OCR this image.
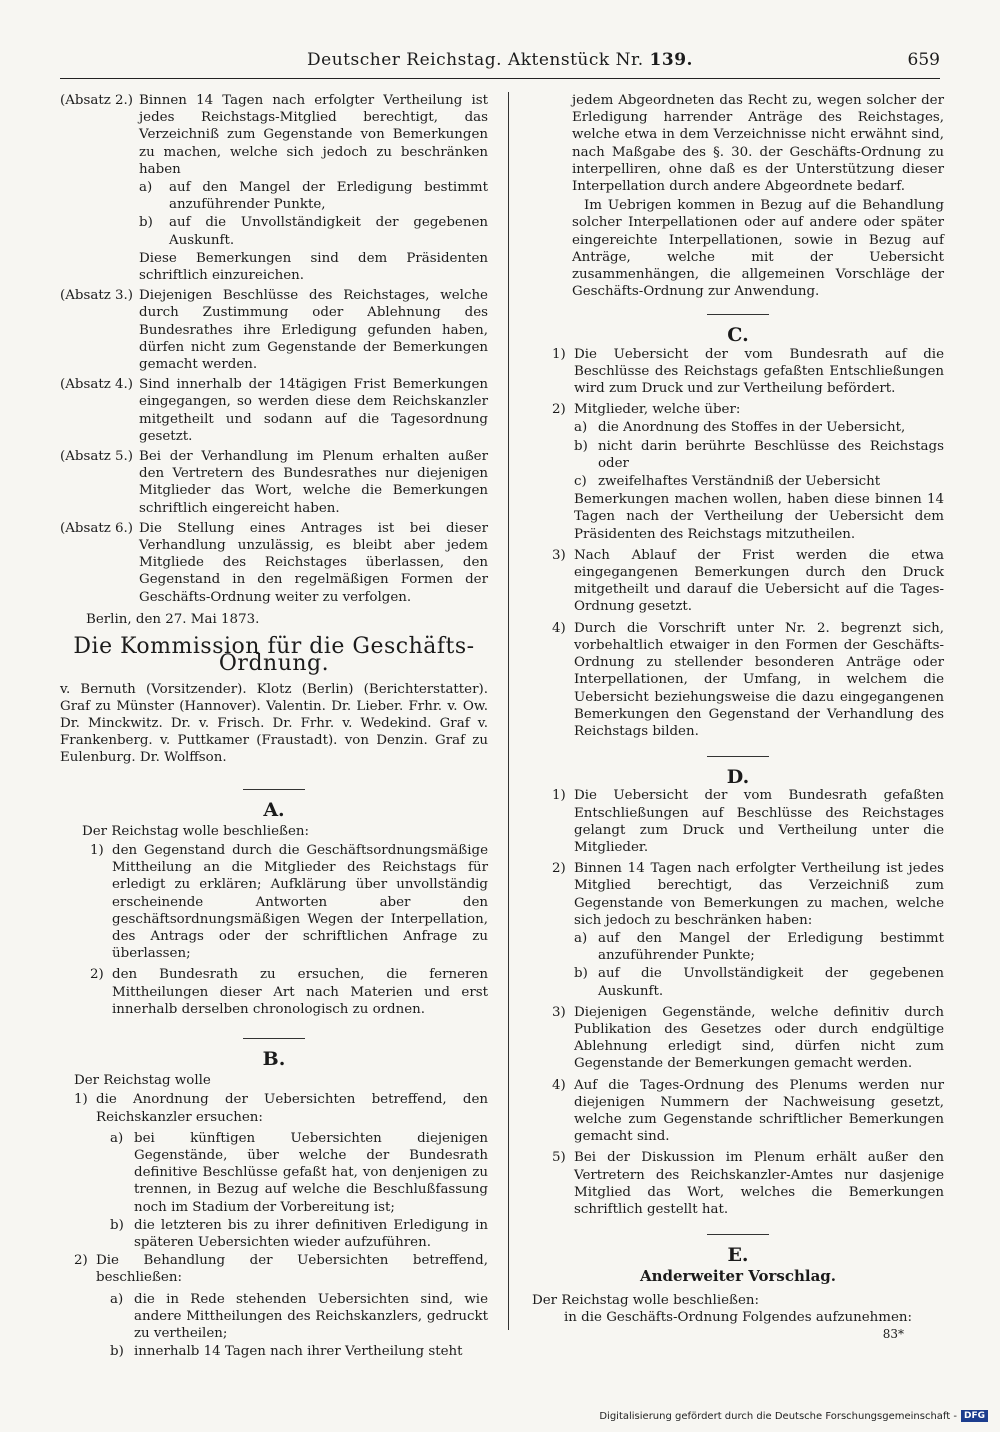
Deutscher Reichstag. Aktenstück Nr. 139.	659
(Absatz 2.) Binnen 14 Tagen nach erfolgter Vertheilung ist jedes Reichstags-Mitglied berechtigt, das Verzeichniß zum Gegenstande von Bemerkungen zu machen, welche sich jedoch zu beschränken haben

a)	auf den Mangel der Erledigung bestimmt anzuführender Punkte,
b)	auf die Unvollständigkeit der gegebenen Auskunft.

Diese Bemerkungen sind dem Präsidenten schriftlich einzureichen.

(Absatz 3.) Diejenigen Beschlüsse des Reichstages, welche durch Zustimmung oder Ablehnung des Bundesrathes ihre Erledigung gefunden haben, dürfen nicht zum Gegenstande der Bemerkungen gemacht werden.

(Absatz 4.) Sind innerhalb der 14tägigen Frist Bemerkungen eingegangen, so werden diese dem Reichskanzler mitgetheilt und sodann auf die Tagesordnung gesetzt.

(Absatz 5.) Bei der Verhandlung im Plenum erhalten außer den Vertretern des Bundesrathes nur diejenigen Mitglieder das Wort, welche die Bemerkungen schriftlich eingereicht haben.

(Absatz 6.) Die Stellung eines Antrages ist bei dieser Verhandlung unzulässig, es bleibt aber jedem Mitgliede des Reichstages überlassen, den Gegenstand in den regelmäßigen Formen der Geschäfts-Ordnung weiter zu verfolgen.

Berlin, den 27. Mai 1873.

Die Kommission für die Geschäfts-Ordnung.

v. Bernuth (Vorsitzender). Klotz (Berlin) (Berichterstatter). Graf zu Münster (Hannover). Valentin. Dr. Lieber. Frhr. v. Ow. Dr. Minckwitz. Dr. v. Frisch. Dr. Frhr. v. Wedekind. Graf v. Frankenberg. v. Puttkamer (Fraustadt). von Denzin. Graf zu Eulenburg. Dr. Wolffson.

A.

Der Reichstag wolle beschließen:

1) den Gegenstand durch die Geschäftsordnungsmäßige Mittheilung an die Mitglieder des Reichstags für erledigt zu erklären; Aufklärung über unvollständig erscheinende Antworten aber den geschäftsordnungsmäßigen Wegen der Interpellation, des Antrags oder der schriftlichen Anfrage zu überlassen;
2) den Bundesrath zu ersuchen, die ferneren Mittheilungen dieser Art nach Materien und erst innerhalb derselben chronologisch zu ordnen.

B.

Der Reichstag wolle

1) die Anordnung der Uebersichten betreffend, den Reichskanzler ersuchen:
a) bei künftigen Uebersichten diejenigen Gegenstände, über welche der Bundesrath definitive Beschlüsse gefaßt hat, von denjenigen zu trennen, in Bezug auf welche die Beschlußfassung noch im Stadium der Vorbereitung ist;
b) die letzteren bis zu ihrer definitiven Erledigung in späteren Uebersichten wieder aufzuführen.
2) Die Behandlung der Uebersichten betreffend, beschließen:
a) die in Rede stehenden Uebersichten sind, wie andere Mittheilungen des Reichskanzlers, gedruckt zu vertheilen;
b) innerhalb 14 Tagen nach ihrer Vertheilung steht

jedem Abgeordneten das Recht zu, wegen solcher der Erledigung harrender Anträge des Reichstages, welche etwa in dem Verzeichnisse nicht erwähnt sind, nach Maßgabe des §. 30. der Geschäfts-Ordnung zu interpelliren, ohne daß es der Unterstützung dieser Interpellation durch andere Abgeordnete bedarf.

Im Uebrigen kommen in Bezug auf die Behandlung solcher Interpellationen oder auf andere oder später eingereichte Interpellationen, sowie in Bezug auf Anträge, welche mit der Uebersicht zusammenhängen, die allgemeinen Vorschläge der Geschäfts-Ordnung zur Anwendung.

C.

1) Die Uebersicht der vom Bundesrath auf die Beschlüsse des Reichstags gefaßten Entschließungen wird zum Druck und zur Vertheilung befördert.
2) Mitglieder, welche über:
a) die Anordnung des Stoffes in der Uebersicht,
b) nicht darin berührte Beschlüsse des Reichstags oder
c) zweifelhaftes Verständniß der Uebersicht

Bemerkungen machen wollen, haben diese binnen 14 Tagen nach der Vertheilung der Uebersicht dem Präsidenten des Reichstags mitzutheilen.

3) Nach Ablauf der Frist werden die etwa eingegangenen Bemerkungen durch den Druck mitgetheilt und darauf die Uebersicht auf die Tages-Ordnung gesetzt.
4) Durch die Vorschrift unter Nr. 2. begrenzt sich, vorbehaltlich etwaiger in den Formen der Geschäfts-Ordnung zu stellender besonderen Anträge oder Interpellationen, der Umfang, in welchem die Uebersicht beziehungsweise die dazu eingegangenen Bemerkungen den Gegenstand der Verhandlung des Reichstags bilden.

D.

1) Die Uebersicht der vom Bundesrath gefaßten Entschließungen auf Beschlüsse des Reichstages gelangt zum Druck und Vertheilung unter die Mitglieder.
2) Binnen 14 Tagen nach erfolgter Vertheilung ist jedes Mitglied berechtigt, das Verzeichniß zum Gegenstande von Bemerkungen zu machen, welche sich jedoch zu beschränken haben:
a) auf den Mangel der Erledigung bestimmt anzuführender Punkte;
b) auf die Unvollständigkeit der gegebenen Auskunft.
3) Diejenigen Gegenstände, welche definitiv durch Publikation des Gesetzes oder durch endgültige Ablehnung erledigt sind, dürfen nicht zum Gegenstande der Bemerkungen gemacht werden.
4) Auf die Tages-Ordnung des Plenums werden nur diejenigen Nummern der Nachweisung gesetzt, welche zum Gegenstande schriftlicher Bemerkungen gemacht sind.
5) Bei der Diskussion im Plenum erhält außer den Vertretern des Reichskanzler-Amtes nur dasjenige Mitglied das Wort, welches die Bemerkungen schriftlich gestellt hat.

E.

Anderweiter Vorschlag.

Der Reichstag wolle beschließen:

in die Geschäfts-Ordnung Folgendes aufzunehmen:

83*

Digitalisierung gefördert durch die Deutsche Forschungsgemeinschaft - DFG
